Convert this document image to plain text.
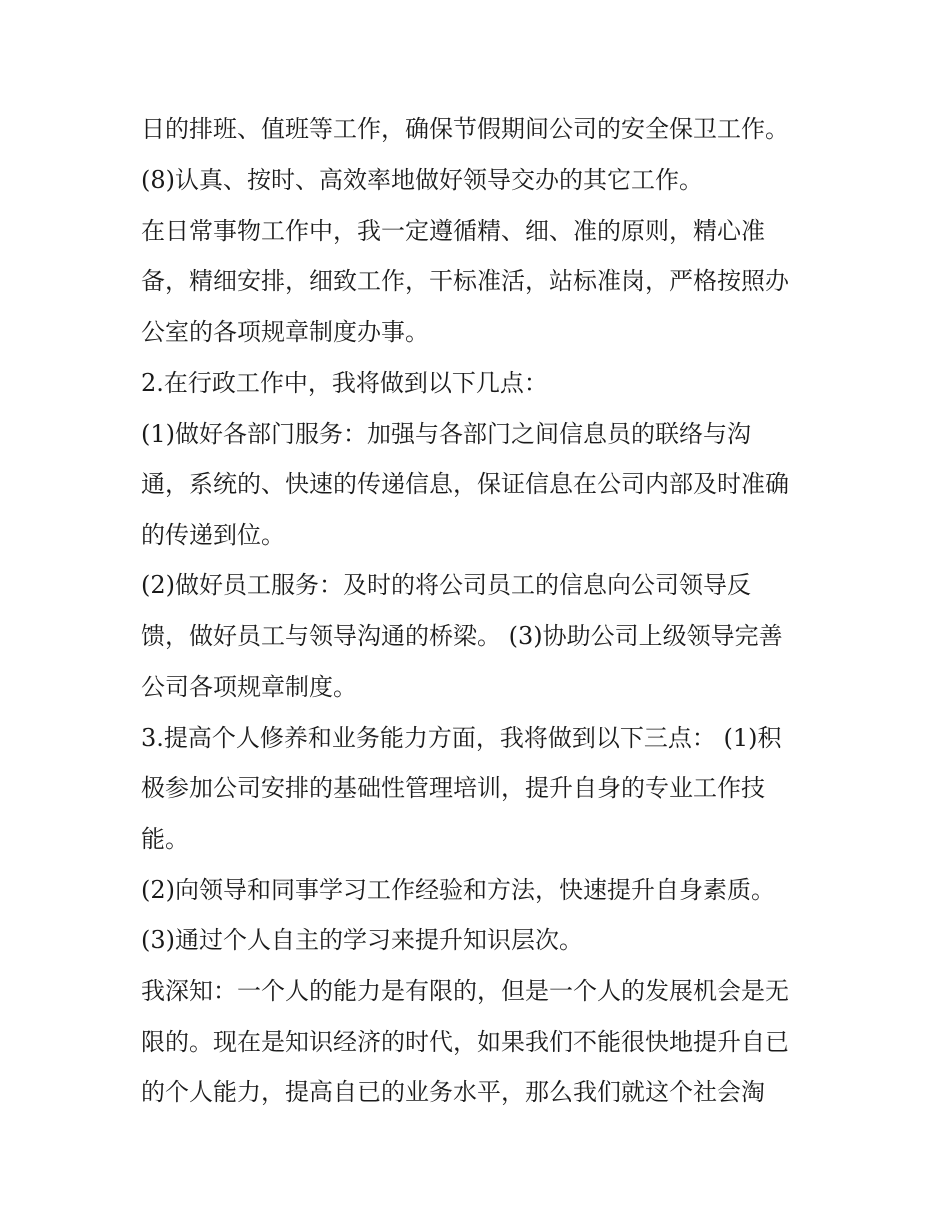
日的排班、值班等工作，确保节假期间公司的安全保卫工作。
(8)认真、按时、高效率地做好领导交办的其它工作。
在日常事物工作中，我一定遵循精、细、准的原则，精心准
备，精细安排，细致工作，干标准活，站标准岗，严格按照办
公室的各项规章制度办事。
2.在行政工作中，我将做到以下几点：
(1)做好各部门服务：加强与各部门之间信息员的联络与沟
通，系统的、快速的传递信息，保证信息在公司内部及时准确
的传递到位。
(2)做好员工服务：及时的将公司员工的信息向公司领导反
馈，做好员工与领导沟通的桥梁。 (3)协助公司上级领导完善
公司各项规章制度。
3.提高个人修养和业务能力方面，我将做到以下三点： (1)积
极参加公司安排的基础性管理培训，提升自身的专业工作技
能。
(2)向领导和同事学习工作经验和方法，快速提升自身素质。
(3)通过个人自主的学习来提升知识层次。
我深知：一个人的能力是有限的，但是一个人的发展机会是无
限的。现在是知识经济的时代，如果我们不能很快地提升自已
的个人能力，提高自已的业务水平，那么我们就这个社会淘
